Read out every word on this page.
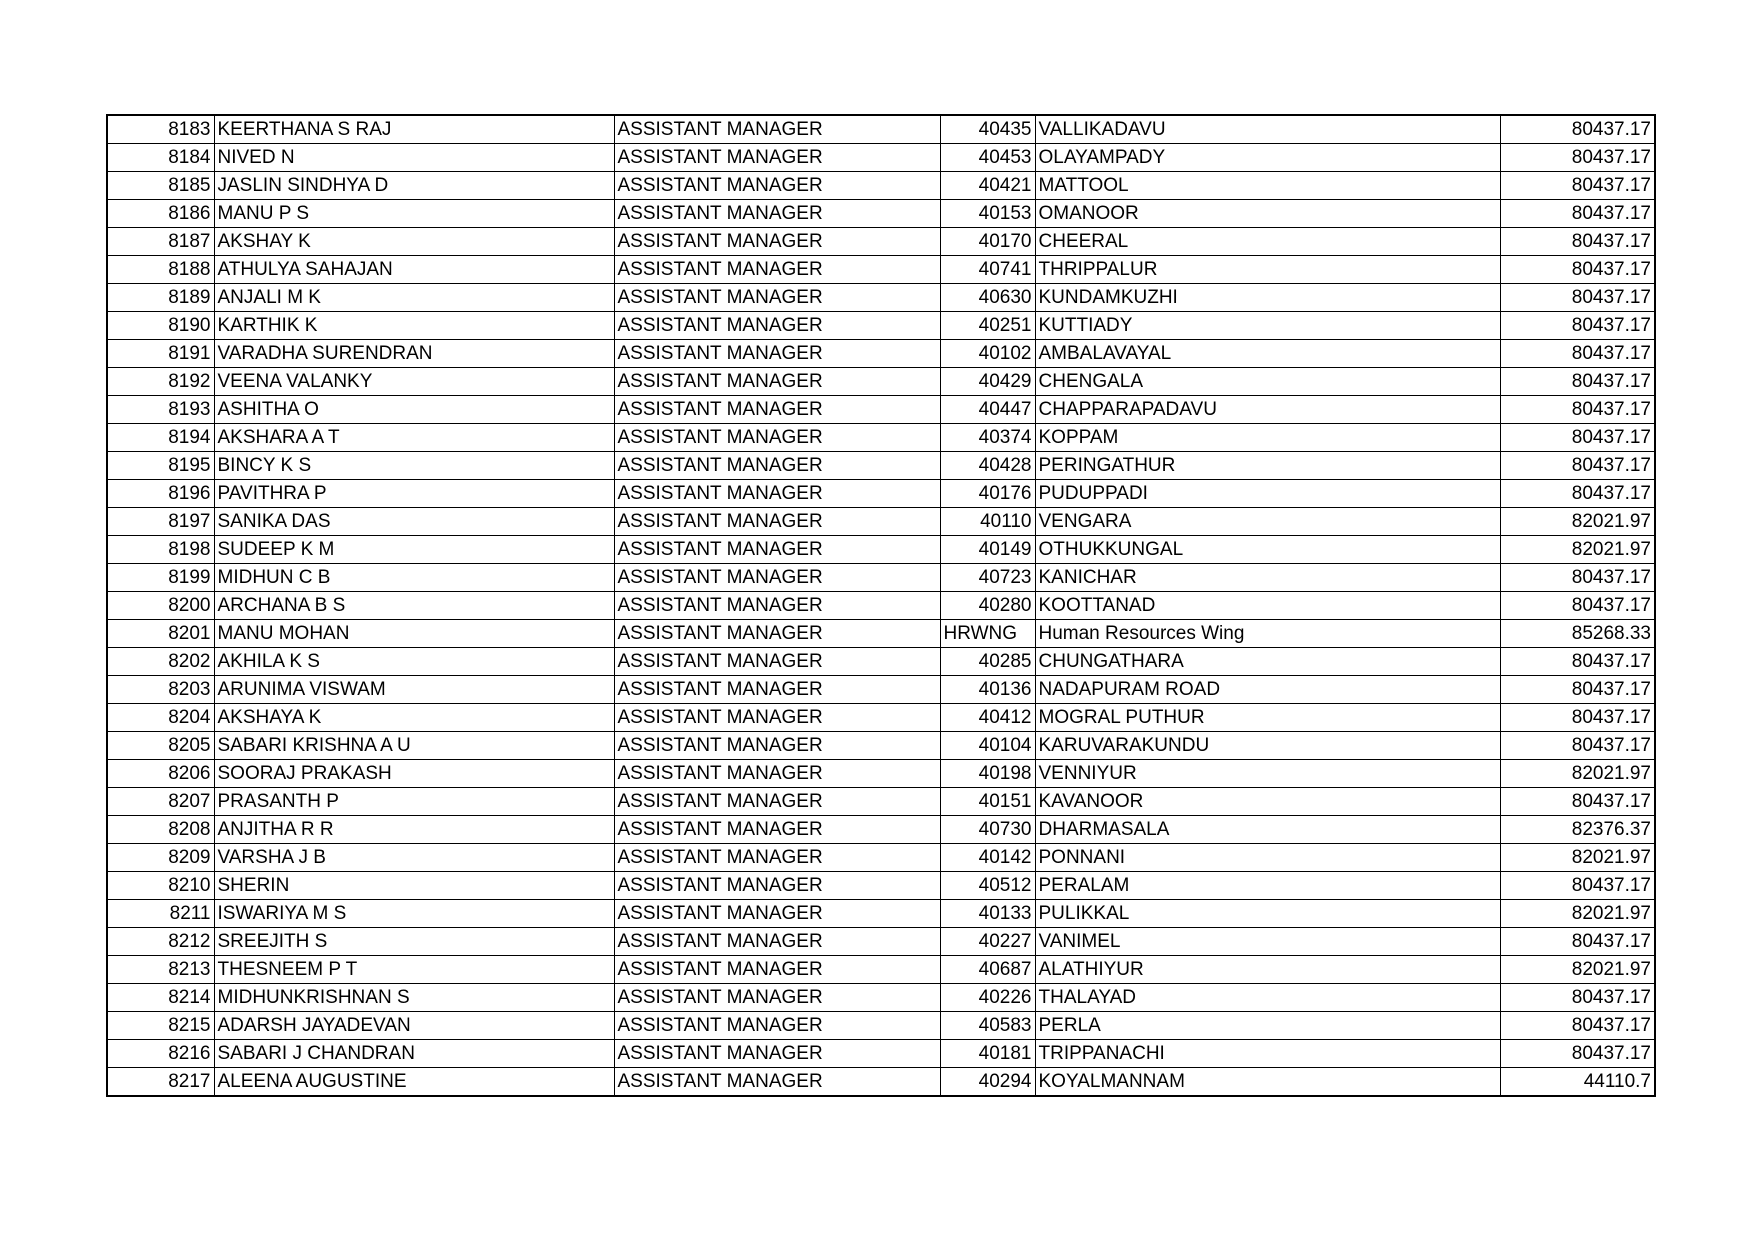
8183	KEERTHANA S RAJ	ASSISTANT MANAGER	40435	VALLIKADAVU	80437.17
8184	NIVED N	ASSISTANT MANAGER	40453	OLAYAMPADY	80437.17
8185	JASLIN SINDHYA D	ASSISTANT MANAGER	40421	MATTOOL	80437.17
8186	MANU P S	ASSISTANT MANAGER	40153	OMANOOR	80437.17
8187	AKSHAY K	ASSISTANT MANAGER	40170	CHEERAL	80437.17
8188	ATHULYA SAHAJAN	ASSISTANT MANAGER	40741	THRIPPALUR	80437.17
8189	ANJALI M K	ASSISTANT MANAGER	40630	KUNDAMKUZHI	80437.17
8190	KARTHIK K	ASSISTANT MANAGER	40251	KUTTIADY	80437.17
8191	VARADHA SURENDRAN	ASSISTANT MANAGER	40102	AMBALAVAYAL	80437.17
8192	VEENA VALANKY	ASSISTANT MANAGER	40429	CHENGALA	80437.17
8193	ASHITHA O	ASSISTANT MANAGER	40447	CHAPPARAPADAVU	80437.17
8194	AKSHARA A T	ASSISTANT MANAGER	40374	KOPPAM	80437.17
8195	BINCY K S	ASSISTANT MANAGER	40428	PERINGATHUR	80437.17
8196	PAVITHRA P	ASSISTANT MANAGER	40176	PUDUPPADI	80437.17
8197	SANIKA DAS	ASSISTANT MANAGER	40110	VENGARA	82021.97
8198	SUDEEP K M	ASSISTANT MANAGER	40149	OTHUKKUNGAL	82021.97
8199	MIDHUN C B	ASSISTANT MANAGER	40723	KANICHAR	80437.17
8200	ARCHANA B S	ASSISTANT MANAGER	40280	KOOTTANAD	80437.17
8201	MANU MOHAN	ASSISTANT MANAGER	HRWNG	Human Resources Wing	85268.33
8202	AKHILA K S	ASSISTANT MANAGER	40285	CHUNGATHARA	80437.17
8203	ARUNIMA VISWAM	ASSISTANT MANAGER	40136	NADAPURAM ROAD	80437.17
8204	AKSHAYA K	ASSISTANT MANAGER	40412	MOGRAL PUTHUR	80437.17
8205	SABARI KRISHNA A U	ASSISTANT MANAGER	40104	KARUVARAKUNDU	80437.17
8206	SOORAJ PRAKASH	ASSISTANT MANAGER	40198	VENNIYUR	82021.97
8207	PRASANTH P	ASSISTANT MANAGER	40151	KAVANOOR	80437.17
8208	ANJITHA R R	ASSISTANT MANAGER	40730	DHARMASALA	82376.37
8209	VARSHA J B	ASSISTANT MANAGER	40142	PONNANI	82021.97
8210	SHERIN	ASSISTANT MANAGER	40512	PERALAM	80437.17
8211	ISWARIYA M S	ASSISTANT MANAGER	40133	PULIKKAL	82021.97
8212	SREEJITH S	ASSISTANT MANAGER	40227	VANIMEL	80437.17
8213	THESNEEM P T	ASSISTANT MANAGER	40687	ALATHIYUR	82021.97
8214	MIDHUNKRISHNAN S	ASSISTANT MANAGER	40226	THALAYAD	80437.17
8215	ADARSH JAYADEVAN	ASSISTANT MANAGER	40583	PERLA	80437.17
8216	SABARI J CHANDRAN	ASSISTANT MANAGER	40181	TRIPPANACHI	80437.17
8217	ALEENA AUGUSTINE	ASSISTANT MANAGER	40294	KOYALMANNAM	44110.7
